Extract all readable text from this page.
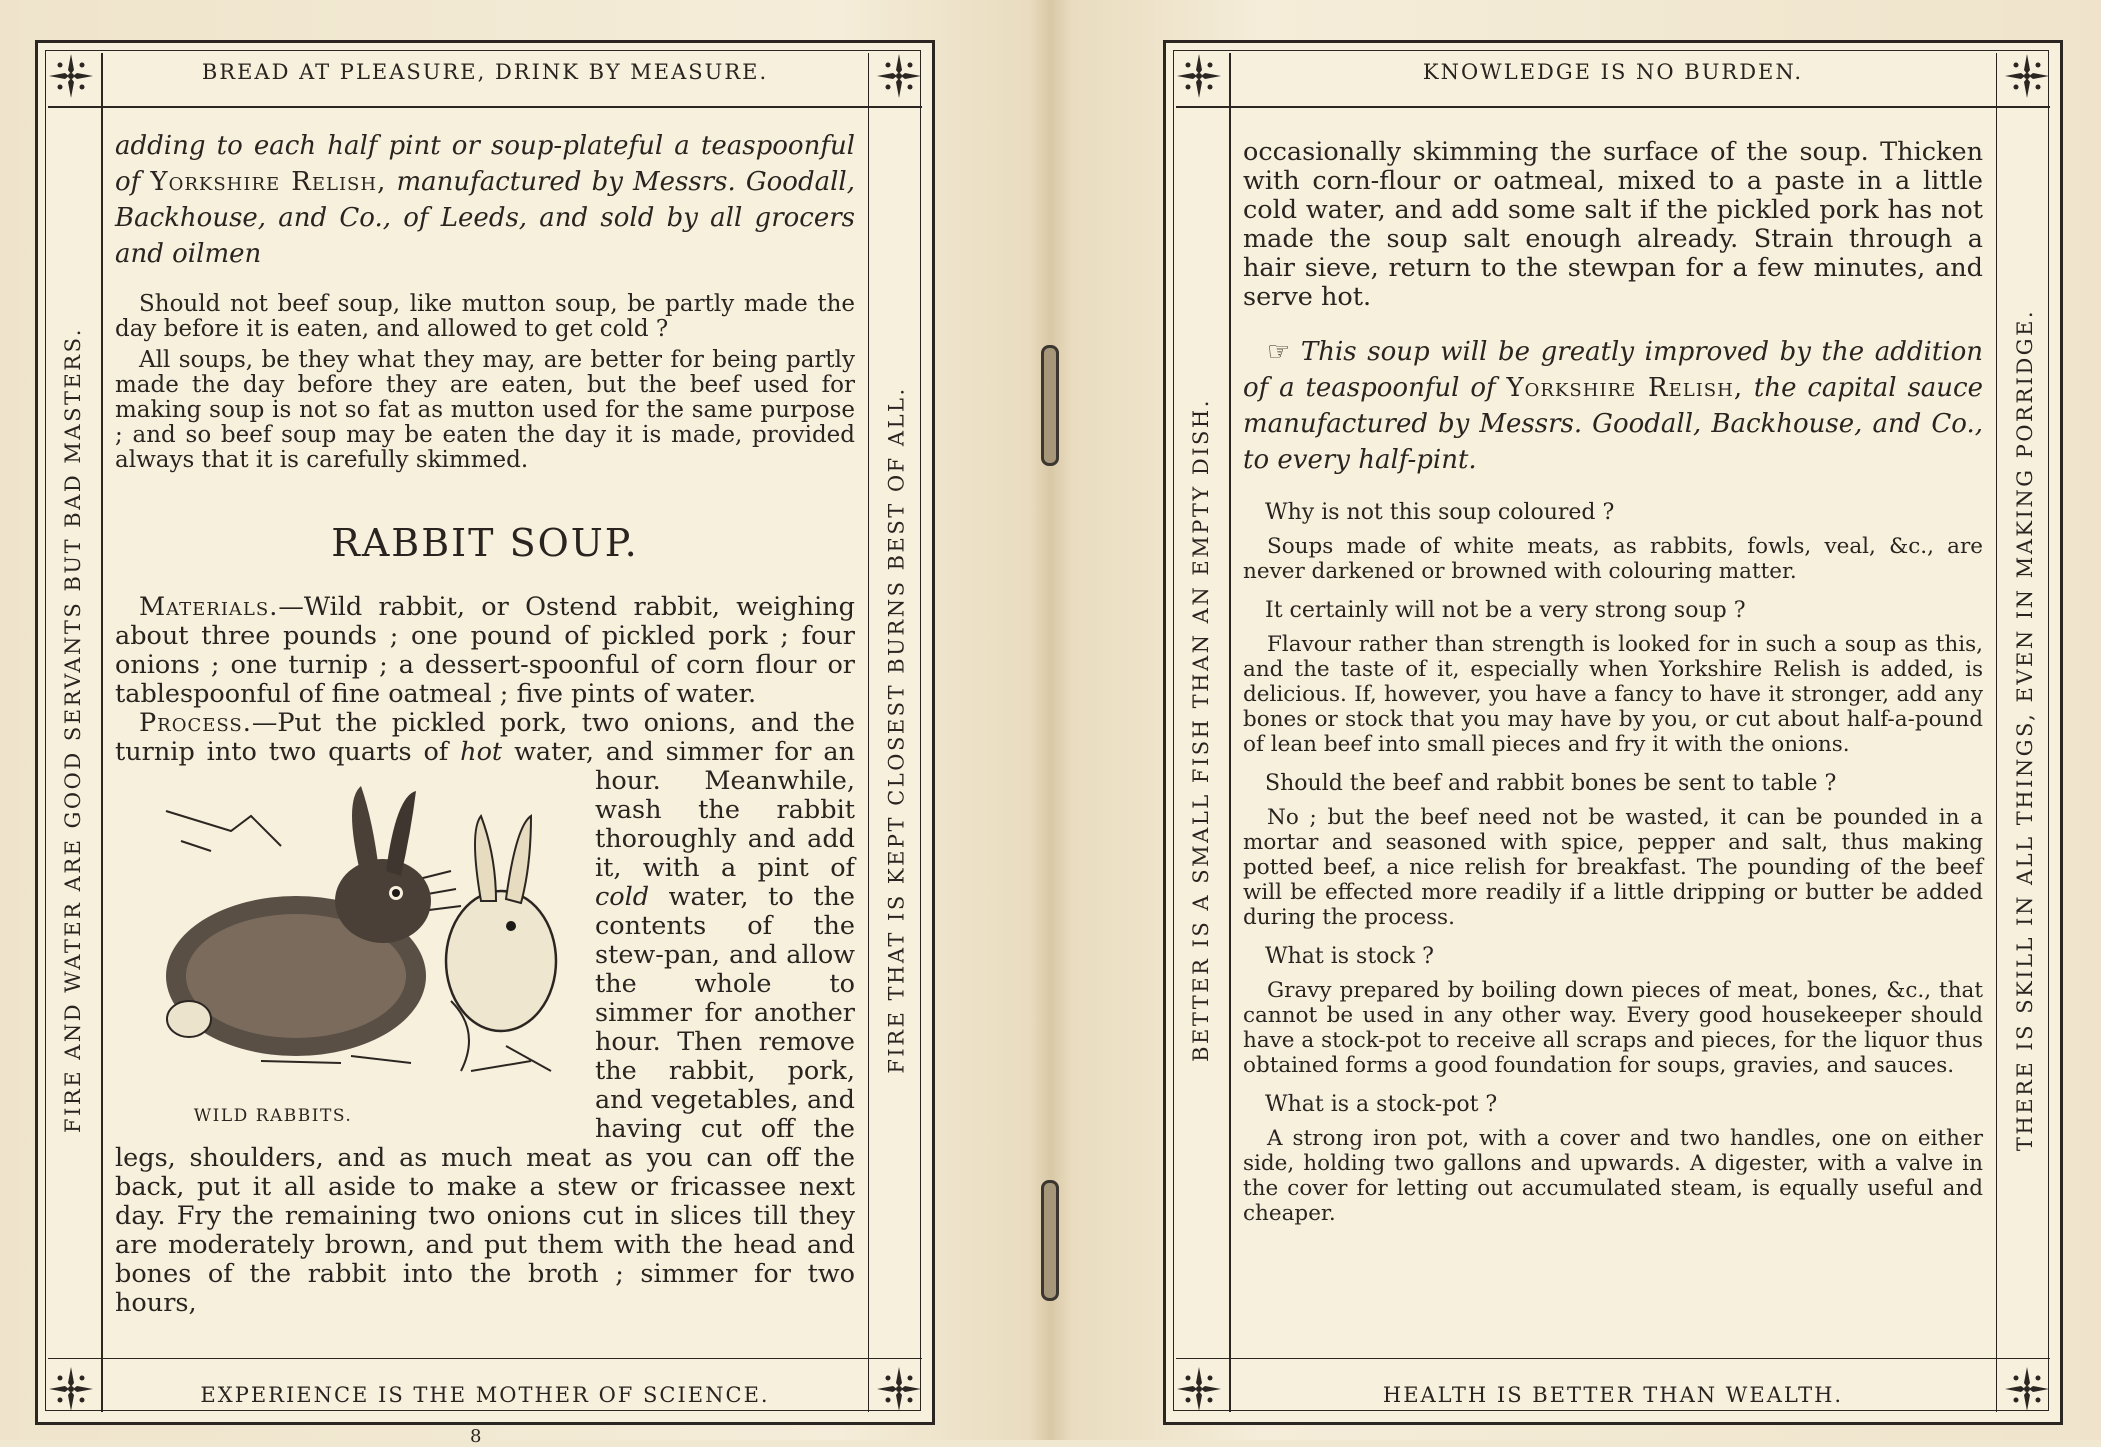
BREAD AT PLEASURE, DRINK BY MEASURE.
EXPERIENCE IS THE MOTHER OF SCIENCE.
FIRE AND WATER ARE GOOD SERVANTS BUT BAD MASTERS.	FIRE THAT IS KEPT CLOSEST BURNS BEST OF ALL.

adding to each half pint or soup-plateful a teaspoonful of Yorkshire Relish, manufactured by Messrs. Goodall, Backhouse, and Co., of Leeds, and sold by all grocers and oilmen

Should not beef soup, like mutton soup, be partly made the day before it is eaten, and allowed to get cold ?

All soups, be they what they may, are better for being partly made the day before they are eaten, but the beef used for making soup is not so fat as mutton used for the same purpose ; and so beef soup may be eaten the day it is made, provided always that it is carefully skimmed.

RABBIT SOUP.

Materials.—Wild rabbit, or Ostend rabbit, weighing about three pounds ; one pound of pickled pork ; four onions ; one turnip ; a dessert-spoonful of corn flour or tablespoonful of fine oatmeal ; five pints of water.

Process.—Put the pickled pork, two onions, and the turnip into two quarts of hot water, and simmer
WILD RABBITS.
for an hour. Meanwhile, wash the rabbit thoroughly and add it, with a pint of cold water, to the contents of the stew-pan, and allow the whole to simmer for another hour. Then remove the rabbit, pork, and vegetables, and having cut off the legs, shoulders, and as much meat as you can off the back, put it all aside to make a stew or fricassee next day. Fry the remaining two onions cut in slices till they are moderately brown, and put them with the head and bones of the rabbit into the broth ; simmer for two hours,
KNOWLEDGE IS NO BURDEN.
HEALTH IS BETTER THAN WEALTH.
BETTER IS A SMALL FISH THAN AN EMPTY DISH.	THERE IS SKILL IN ALL THINGS, EVEN IN MAKING PORRIDGE.

occasionally skimming the surface of the soup. Thicken with corn-flour or oatmeal, mixed to a paste in a little cold water, and add some salt if the pickled pork has not made the soup salt enough already. Strain through a hair sieve, return to the stewpan for a few minutes, and serve hot.

☞ This soup will be greatly improved by the addition of a teaspoonful of Yorkshire Relish, the capital sauce manufactured by Messrs. Goodall, Backhouse, and Co., to every half-pint.

Why is not this soup coloured ?

Soups made of white meats, as rabbits, fowls, veal, &c., are never darkened or browned with colouring matter.

It certainly will not be a very strong soup ?

Flavour rather than strength is looked for in such a soup as this, and the taste of it, especially when Yorkshire Relish is added, is delicious. If, however, you have a fancy to have it stronger, add any bones or stock that you may have by you, or cut about half-a-pound of lean beef into small pieces and fry it with the onions.

Should the beef and rabbit bones be sent to table ?

No ; but the beef need not be wasted, it can be pounded in a mortar and seasoned with spice, pepper and salt, thus making potted beef, a nice relish for breakfast. The pounding of the beef will be effected more readily if a little dripping or butter be added during the process.

What is stock ?

Gravy prepared by boiling down pieces of meat, bones, &c., that cannot be used in any other way. Every good housekeeper should have a stock-pot to receive all scraps and pieces, for the liquor thus obtained forms a good foundation for soups, gravies, and sauces.

What is a stock-pot ?

A strong iron pot, with a cover and two handles, one on either side, holding two gallons and upwards. A digester, with a valve in the cover for letting out accumulated steam, is equally useful and cheaper.

8
